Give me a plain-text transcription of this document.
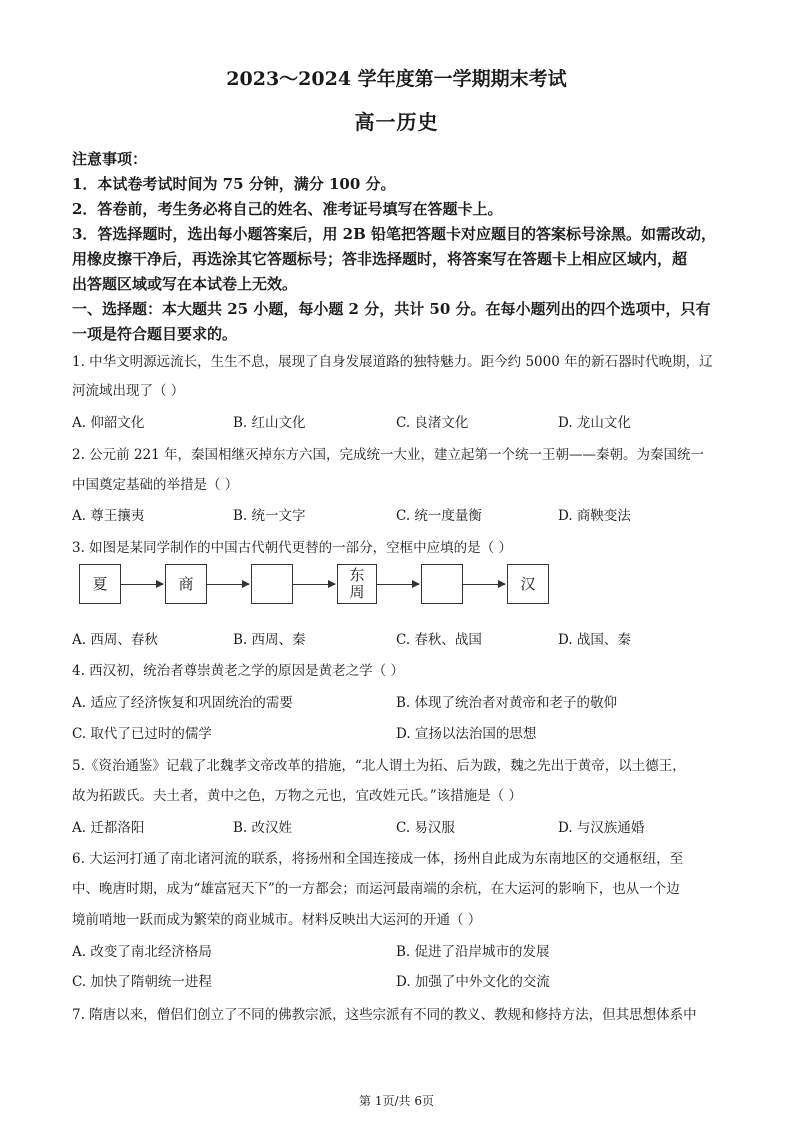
2023～2024 学年度第一学期期末考试
高一历史
注意事项：
1．本试卷考试时间为 75 分钟，满分 100 分。
2．答卷前，考生务必将自己的姓名、准考证号填写在答题卡上。
3．答选择题时，选出每小题答案后，用 2B 铅笔把答题卡对应题目的答案标号涂黑。如需改动，
用橡皮擦干净后，再选涂其它答题标号；答非选择题时，将答案写在答题卡上相应区域内，超
出答题区域或写在本试卷上无效。
一、选择题：本大题共 25 小题，每小题 2 分，共计 50 分。在每小题列出的四个选项中，只有
一项是符合题目要求的。
1. 中华文明源远流长，生生不息，展现了自身发展道路的独特魅力。距今约 5000 年的新石器时代晚期，辽
河流域出现了（ ）
A. 仰韶文化	B. 红山文化	C. 良渚文化	D. 龙山文化
2. 公元前 221 年，秦国相继灭掉东方六国，完成统一大业，建立起第一个统一王朝——秦朝。为秦国统一
中国奠定基础的举措是（ ）
A. 尊王攘夷	B. 统一文字	C. 统一度量衡	D. 商鞅变法
3. 如图是某同学制作的中国古代朝代更替的一部分，空框中应填的是（ ）
夏	商	东周	汉
A. 西周、春秋	B. 西周、秦	C. 春秋、战国	D. 战国、秦
4. 西汉初，统治者尊崇黄老之学的原因是黄老之学（ ）
A. 适应了经济恢复和巩固统治的需要	B. 体现了统治者对黄帝和老子的敬仰
C. 取代了已过时的儒学	D. 宣扬以法治国的思想
5.《资治通鉴》记载了北魏孝文帝改革的措施，“北人谓土为拓、后为跋，魏之先出于黄帝，以土德王，
故为拓跋氏。夫土者，黄中之色，万物之元也，宜改姓元氏。”该措施是（ ）
A. 迁都洛阳	B. 改汉姓	C. 易汉服	D. 与汉族通婚
6. 大运河打通了南北诸河流的联系，将扬州和全国连接成一体，扬州自此成为东南地区的交通枢纽，至
中、晚唐时期，成为“雄富冠天下”的一方都会；而运河最南端的余杭，在大运河的影响下，也从一个边
境前哨地一跃而成为繁荣的商业城市。材料反映出大运河的开通（ ）
A. 改变了南北经济格局	B. 促进了沿岸城市的发展
C. 加快了隋朝统一进程	D. 加强了中外文化的交流
7. 隋唐以来，僧侣们创立了不同的佛教宗派，这些宗派有不同的教义、教规和修持方法，但其思想体系中
第 1页/共 6页
